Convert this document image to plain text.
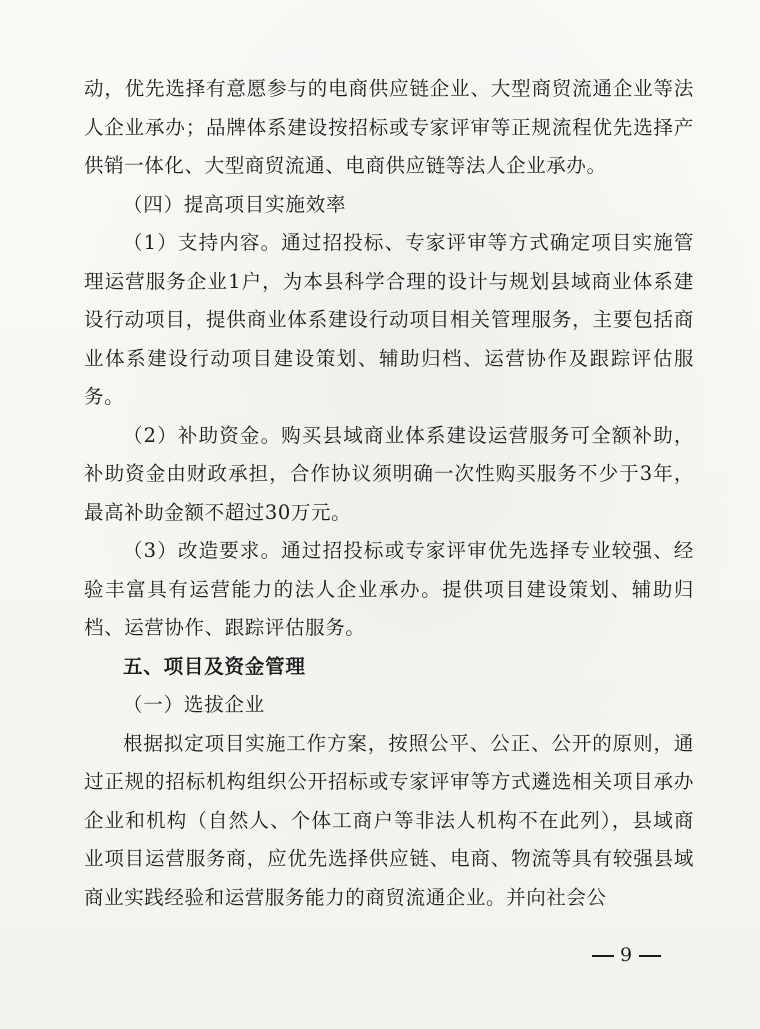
动，优先选择有意愿参与的电商供应链企业、大型商贸流通企业等法人企业承办；品牌体系建设按招标或专家评审等正规流程优先选择产供销一体化、大型商贸流通、电商供应链等法人企业承办。

（四）提高项目实施效率

（1）支持内容。通过招投标、专家评审等方式确定项目实施管理运营服务企业1户，为本县科学合理的设计与规划县域商业体系建设行动项目，提供商业体系建设行动项目相关管理服务，主要包括商业体系建设行动项目建设策划、辅助归档、运营协作及跟踪评估服务。

（2）补助资金。购买县域商业体系建设运营服务可全额补助，补助资金由财政承担，合作协议须明确一次性购买服务不少于3年，最高补助金额不超过30万元。

（3）改造要求。通过招投标或专家评审优先选择专业较强、经验丰富具有运营能力的法人企业承办。提供项目建设策划、辅助归档、运营协作、跟踪评估服务。

五、项目及资金管理

（一）选拔企业

根据拟定项目实施工作方案，按照公平、公正、公开的原则，通过正规的招标机构组织公开招标或专家评审等方式遴选相关项目承办企业和机构（自然人、个体工商户等非法人机构不在此列），县域商业项目运营服务商，应优先选择供应链、电商、物流等具有较强县域商业实践经验和运营服务能力的商贸流通企业。并向社会公

9
